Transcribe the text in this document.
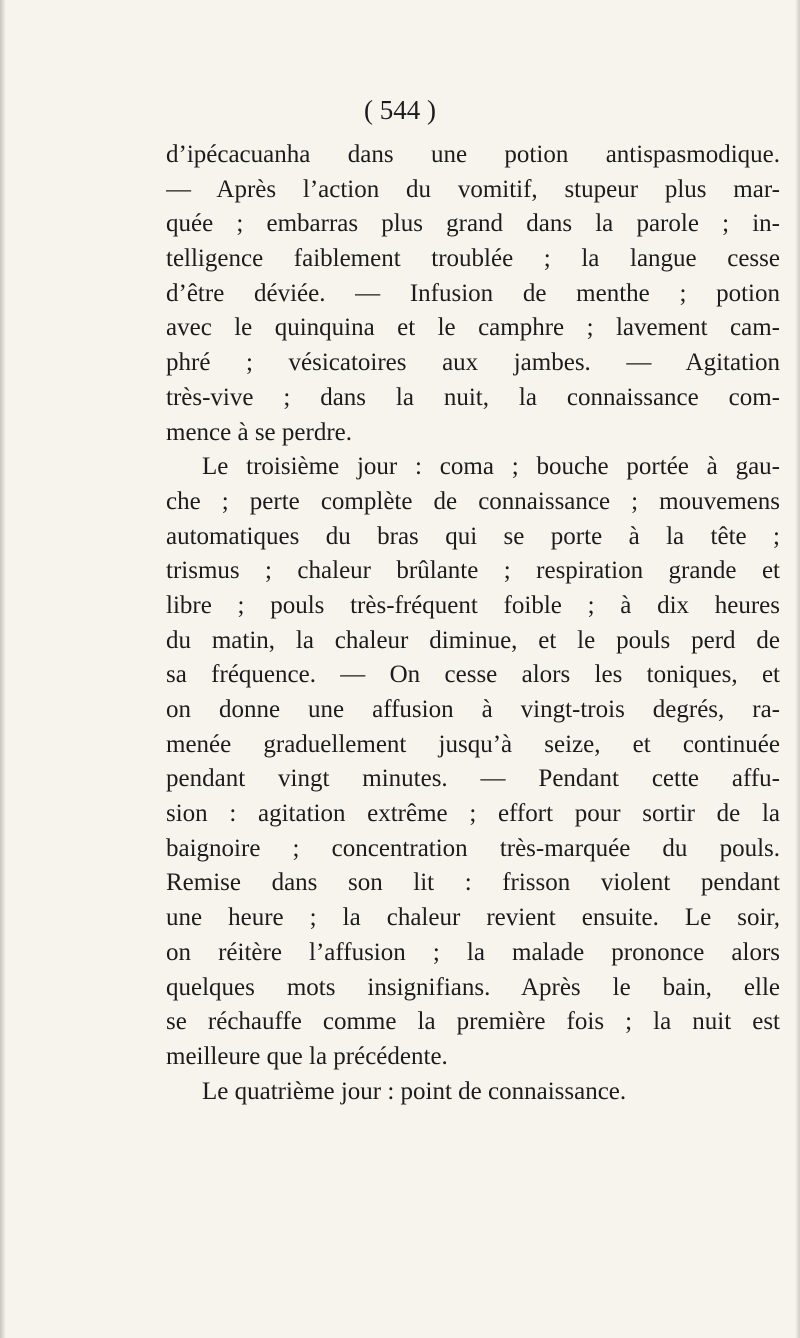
( 544 )

d’ipécacuanha dans une potion antispasmodique.

— Après l’action du vomitif, stupeur plus mar-

quée ; embarras plus grand dans la parole ; in-

telligence faiblement troublée ; la langue cesse

d’être déviée. — Infusion de menthe ; potion

avec le quinquina et le camphre ; lavement cam-

phré ; vésicatoires aux jambes. — Agitation

très-vive ; dans la nuit, la connaissance com-

mence à se perdre.

Le troisième jour : coma ; bouche portée à gau-

che ; perte complète de connaissance ; mouvemens

automatiques du bras qui se porte à la tête ;

trismus ; chaleur brûlante ; respiration grande et

libre ; pouls très-fréquent foible ; à dix heures

du matin, la chaleur diminue, et le pouls perd de

sa fréquence. — On cesse alors les toniques, et

on donne une affusion à vingt-trois degrés, ra-

menée graduellement jusqu’à seize, et continuée

pendant vingt minutes. — Pendant cette affu-

sion : agitation extrême ; effort pour sortir de la

baignoire ; concentration très-marquée du pouls.

Remise dans son lit : frisson violent pendant

une heure ; la chaleur revient ensuite. Le soir,

on réitère l’affusion ; la malade prononce alors

quelques mots insignifians. Après le bain, elle

se réchauffe comme la première fois ; la nuit est

meilleure que la précédente.

Le quatrième jour : point de connaissance.
